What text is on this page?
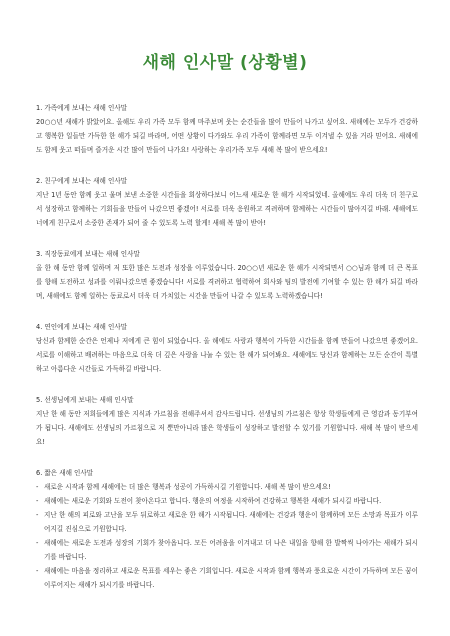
새해 인사말 (상황별)
1. 가족에게 보내는 새해 인사말
20○○년 새해가 밝았어요. 올해도 우리 가족 모두 함께 마주보며 웃는 순간들을 많이 만들어 나가고 싶어요. 새해에는 모두가 건강하고 행복한 일들만 가득한 한 해가 되길 바라며, 어떤 상황이 다가와도 우리 가족이 함께라면 모두 이겨낼 수 있을 거라 믿어요. 새해에도 함께 웃고 떠들며 즐거운 시간 많이 만들어 나가요! 사랑하는 우리가족 모두 새해 복 많이 받으세요!
2. 친구에게 보내는 새해 인사말
지난 1년 동안 함께 웃고 울며 보낸 소중한 시간들을 회상하다보니 어느새 새로운 한 해가 시작되었네. 올해에도 우리 더욱 더 친구로서 성장하고 함께하는 기회들을 만들어 나갔으면 좋겠어! 서로를 더욱 응원하고 격려하며 함께하는 시간들이 많아지길 바래. 새해에도 너에게 친구로서 소중한 존재가 되어 줄 수 있도록 노력 할게! 새해 복 많이 받아!
3. 직장동료에게 보내는 새해 인사말
올 한 해 동안 함께 일하며 저 또한 많은 도전과 성장을 이루었습니다. 20○○년 새로운 한 해가 시작되면서 ○○님과 함께 더 큰 목표를 향해 도전하고 성과를 이뤄나갔으면 좋겠습니다! 서로를 격려하고 협력하여 회사와 팀의 발전에 기여할 수 있는 한 해가 되길 바라며, 새해에도 함께 일하는 동료로서 더욱 더 가치있는 시간을 만들어 나갈 수 있도록 노력하겠습니다!
4. 연인에게 보내는 새해 인사말
당신과 함께한 순간은 언제나 저에게 큰 힘이 되었습니다. 올 해에도 사랑과 행복이 가득한 시간들을 함께 만들어 나갔으면 좋겠어요. 서로를 이해하고 배려하는 마음으로 더욱 더 깊은 사랑을 나눌 수 있는 한 해가 되어봐요. 새해에도 당신과 함께하는 모든 순간이 특별하고 아름다운 시간들로 가득하길 바랍니다.
5. 선생님에게 보내는 새해 인사말
지난 한 해 동안 저희들에게 많은 지식과 가르침을 전해주셔서 감사드립니다. 선생님의 가르침은 항상 학생들에게 큰 영감과 동기부여가 됩니다. 새해에도 선생님의 가르침으로 저 뿐만아니라 많은 학생들이 성장하고 발전할 수 있기를 기원합니다. 새해 복 많이 받으세요!
6. 짧은 새해 인사말
- 새로운 시작과 함께 새해에는 더 많은 행복과 성공이 가득하시길 기원합니다. 새해 복 많이 받으세요!
- 새해에는 새로운 기회와 도전이 찾아온다고 합니다. 행운의 여정을 시작하여 건강하고 행복한 새해가 되시길 바랍니다.
- 지난 한 해의 피로와 고난을 모두 뒤로하고 새로운 한 해가 시작됩니다. 새해에는 건강과 행운이 함께하며 모든 소망과 목표가 이루어지길 진심으로 기원합니다.
- 새해에는 새로운 도전과 성장의 기회가 찾아옵니다. 모든 어려움을 이겨내고 더 나은 내일을 향해 한 발짝씩 나아가는 새해가 되시기를 바랍니다.
- 새해에는 마음을 정리하고 새로운 목표를 세우는 좋은 기회입니다. 새로운 시작과 함께 행복과 풍요로운 시간이 가득하며 모든 꿈이 이루어지는 새해가 되시기를 바랍니다.
